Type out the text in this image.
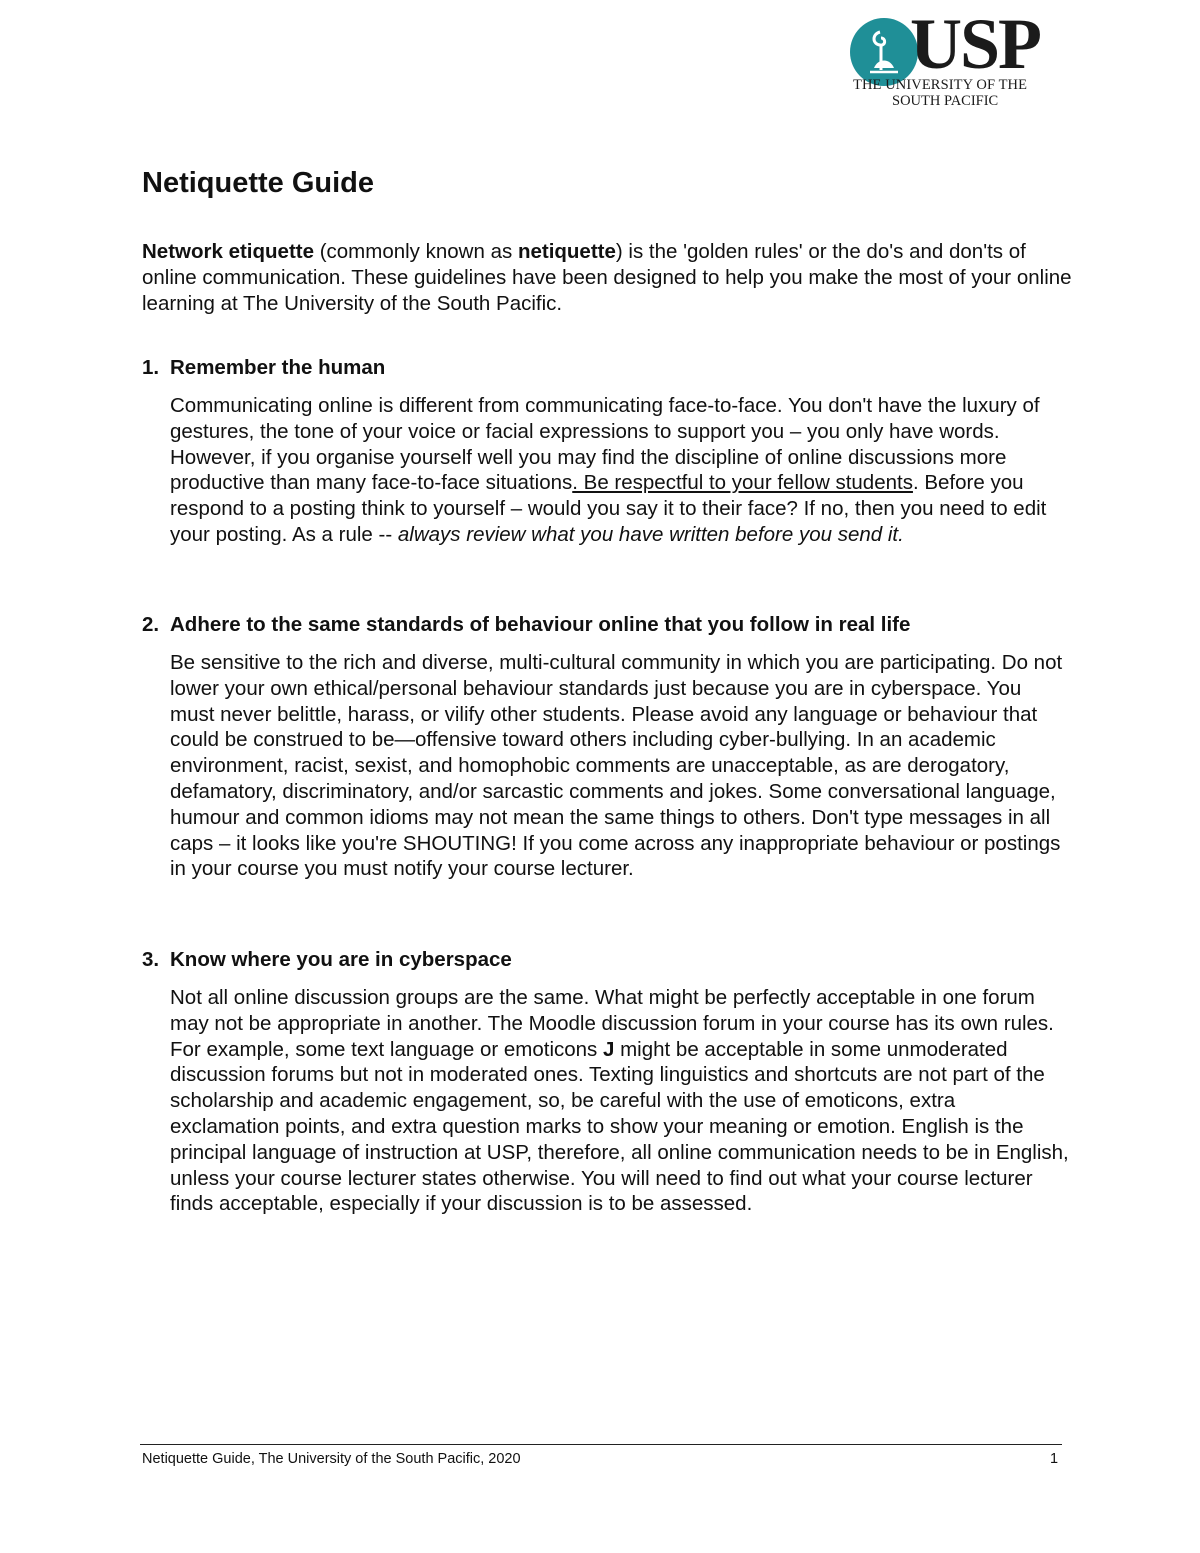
USP
THE UNIVERSITY OF THE
SOUTH PACIFIC
Netiquette Guide

Network etiquette (commonly known as netiquette) is the 'golden rules' or the do's and don'ts of online communication. These guidelines have been designed to help you make the most of your online learning at The University of the South Pacific.

1. Remember the human

Communicating online is different from communicating face-to-face. You don't have the luxury of gestures, the tone of your voice or facial expressions to support you – you only have words. However, if you organise yourself well you may find the discipline of online discussions more productive than many face-to-face situations. Be respectful to your fellow students. Before you respond to a posting think to yourself – would you say it to their face? If no, then you need to edit your posting. As a rule -- always review what you have written before you send it.

2. Adhere to the same standards of behaviour online that you follow in real life

Be sensitive to the rich and diverse, multi-cultural community in which you are participating. Do not lower your own ethical/personal behaviour standards just because you are in cyberspace. You must never belittle, harass, or vilify other students. Please avoid any language or behaviour that could be construed to be—offensive toward others including cyber-bullying. In an academic environment, racist, sexist, and homophobic comments are unacceptable, as are derogatory, defamatory, discriminatory, and/or sarcastic comments and jokes. Some conversational language, humour and common idioms may not mean the same things to others. Don't type messages in all caps – it looks like you're SHOUTING! If you come across any inappropriate behaviour or postings in your course you must notify your course lecturer.

3. Know where you are in cyberspace

Not all online discussion groups are the same. What might be perfectly acceptable in one forum may not be appropriate in another. The Moodle discussion forum in your course has its own rules. For example, some text language or emoticons J might be acceptable in some unmoderated discussion forums but not in moderated ones. Texting linguistics and shortcuts are not part of the scholarship and academic engagement, so, be careful with the use of emoticons, extra exclamation points, and extra question marks to show your meaning or emotion. English is the principal language of instruction at USP, therefore, all online communication needs to be in English, unless your course lecturer states otherwise. You will need to find out what your course lecturer finds acceptable, especially if your discussion is to be assessed.

Netiquette Guide, The University of the South Pacific, 2020	1
